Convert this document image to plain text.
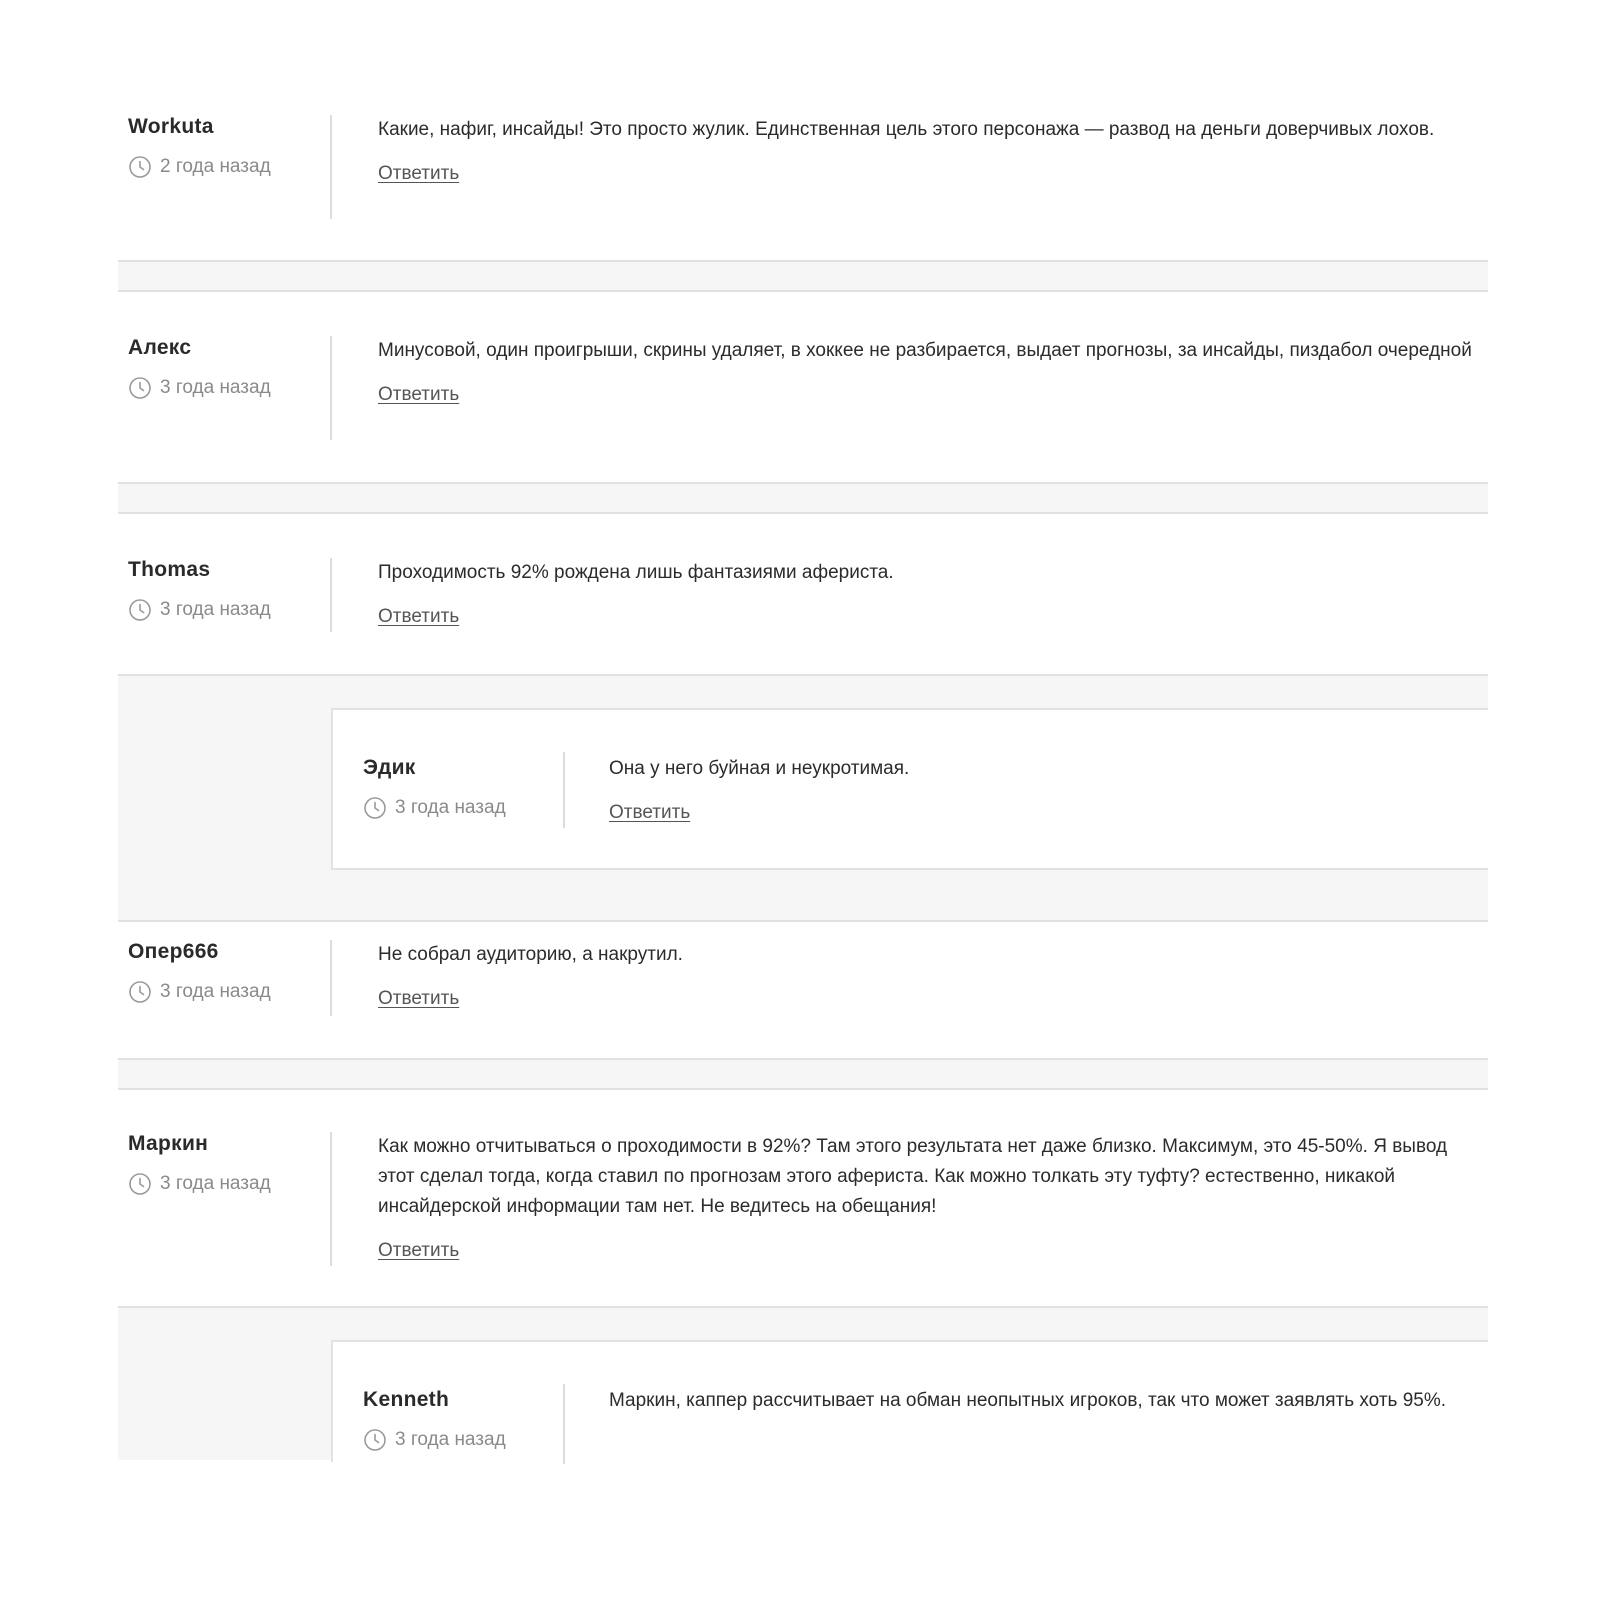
Workuta
2 года назад

Какие, нафиг, инсайды! Это просто жулик. Единственная цель этого персонажа — развод на деньги доверчивых лохов.

Ответить
Алекс
3 года назад

Минусовой, один проигрыши, скрины удаляет, в хоккее не разбирается, выдает прогнозы, за инсайды, пиздабол очередной

Ответить
Thomas
3 года назад

Проходимость 92% рождена лишь фантазиями афериста.

Ответить
Эдик
3 года назад

Она у него буйная и неукротимая.

Ответить
Опер666
3 года назад

Не собрал аудиторию, а накрутил.

Ответить
Маркин
3 года назад

Как можно отчитываться о проходимости в 92%? Там этого результата нет даже близко. Максимум, это 45-50%. Я вывод этот сделал тогда, когда ставил по прогнозам этого афериста. Как можно толкать эту туфту? естественно, никакой инсайдерской информации там нет. Не ведитесь на обещания!

Ответить
Kenneth
3 года назад

Маркин, каппер рассчитывает на обман неопытных игроков, так что может заявлять хоть 95%.
